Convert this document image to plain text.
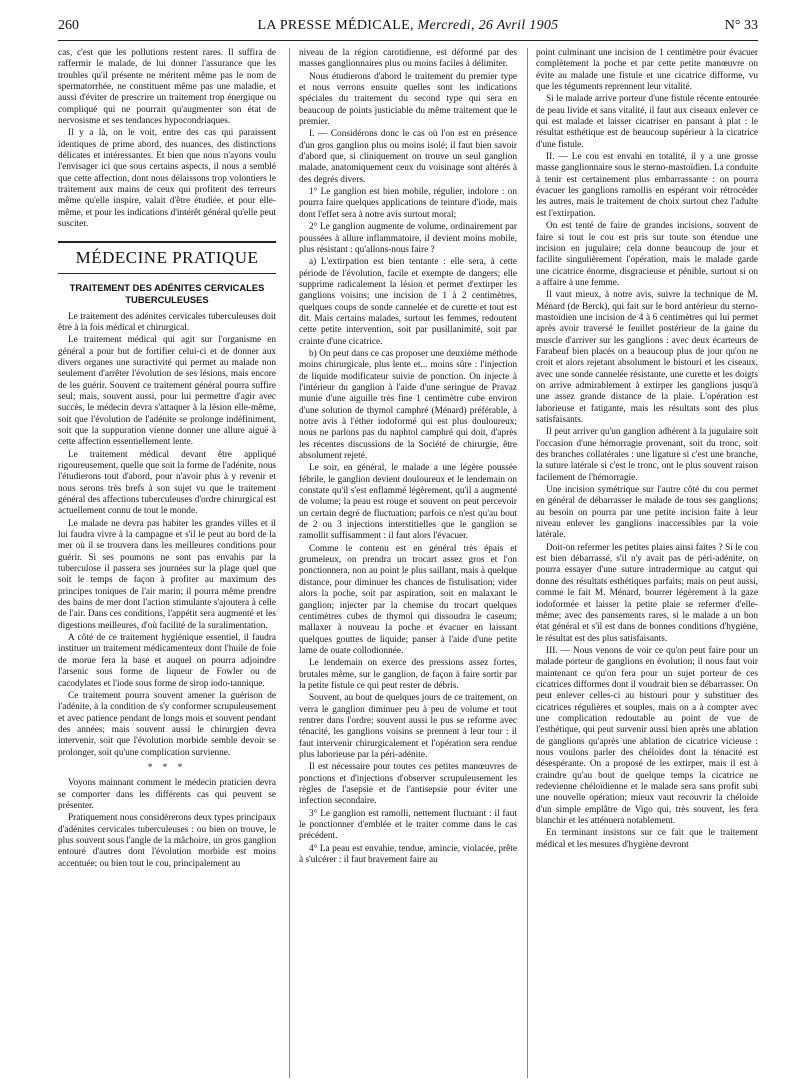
260	LA PRESSE MÉDICALE, Mercredi, 26 Avril 1905	N° 33

cas, c'est que les pollutions restent rares. Il suffira de raffermir le malade, de lui donner l'assurance que les troubles qu'il présente ne méritent même pas le nom de spermatorrhée, ne constituent même pas une maladie, et aussi d'éviter de prescrire un traitement trop énergique ou compliqué qui ne pourrait qu'augmenter son état de nervosisme et ses tendances hypocondriaques.

Il y a là, on le voit, entre des cas qui paraissent identiques de prime abord, des nuances, des distinctions délicates et intéressantes. Et bien que nous n'ayons voulu l'envisager ici que sous certains aspects, il nous a semblé que cette affection, dont nous délaissons trop volontiers le traitement aux mains de ceux qui profitent des terreurs même qu'elle inspire, valait d'être étudiée, et pour elle-même, et pour les indications d'intérêt général qu'elle peut susciter.

MÉDECINE PRATIQUE
TRAITEMENT DES ADÉNITES CERVICALES TUBERCULEUSES

Le traitement des adénites cervicales tuberculeuses doit être à la fois médical et chirurgical.

Le traitement médical qui agit sur l'organisme en général a pour but de fortifier celui-ci et de donner aux divers organes une suractivité qui permet au malade non seulement d'arrêter l'évolution de ses lésions, mais encore de les guérir. Souvent ce traitement général pourra suffire seul; mais, souvent aussi, pour lui permettre d'agir avec succès, le médecin devra s'attaquer à la lésion elle-même, soit que l'évolution de l'adénite se prolonge indéfiniment, soit que la suppuration vienne donner une allure aiguë à cette affection essentiellement lente.

Le traitement médical devant être appliqué rigoureusement, quelle que soit la forme de l'adénite, nous l'étudierons tout d'abord, pour n'avoir plus à y revenir et nous serons très brefs à son sujet vu que le traitement général des affections tuberculeuses d'ordre chirurgical est actuellement connu de tout le monde.

Le malade ne devra pas habiter les grandes villes et il lui faudra vivre à la campagne et s'il le peut au bord de la mer où il se trouvera dans les meilleures conditions pour guérir. Si ses poumons ne sont pas envahis par la tuberculose il passera ses journées sur la plage quel que soit le temps de façon à profiter au maximum des principes toniques de l'air marin; il pourra même prendre des bains de mer dont l'action stimulante s'ajoutera à celle de l'air. Dans ces conditions, l'appétit sera augmenté et les digestions meilleures, d'où facilité de la suralimentation.

A côté de ce traitement hygiénique essentiel, il faudra instituer un traitement médicamenteux dont l'huile de foie de morue fera la base et auquel on pourra adjoindre l'arsenic sous forme de liqueur de Fowler ou de cacodylates et l'iode sous forme de sirop iodo-tannique.

Ce traitement pourra souvent amener la guérison de l'adénite, à la condition de s'y conformer scrupuleusement et avec patience pendant de longs mois et souvent pendant des années; mais souvent aussi le chirurgien devra intervenir, soit que l'évolution morbide semble devoir se prolonger, soit qu'une complication survienne.

* * *

Voyons mainnant comment le médecin praticien devra se comporter dans les différents cas qui peuvent se présenter.

Pratiquement nous considérerons deux types principaux d'adénites cervicales tuberculeuses : ou bien on trouve, le plus souvent sous l'angle de la mâchoire, un gros ganglion entouré d'autres dont l'évolution morbide est moins accentuée; ou bien tout le cou, principalement au

niveau de la région carotidienne, est déformé par des masses ganglionnaires plus ou moins faciles à délimiter.

Nous étudierons d'abord le traitement du premier type et nous verrons ensuite quelles sont les indications spéciales du traitement du second type qui sera en beaucoup de points justiciable du même traitement que le premier.

I. — Considérons donc le cas où l'on est en présence d'un gros ganglion plus ou moins isolé; il faut bien savoir d'abord que, si cliniquement on trouve un seul ganglion malade, anatomiquement ceux du voisinage sont altérés à des degrés divers.

1° Le ganglion est bien mobile, régulier, indolore : on pourra faire quelques applications de teinture d'iode, mais dont l'effet sera à notre avis surtout moral;

2° Le ganglion augmente de volume, ordinairement par poussées à allure inflammatoire, il devient moins mobile, plus résistant : qu'allons-nous faire ?

a) L'extirpation est bien tentante : elle sera, à cette période de l'évolution, facile et exempte de dangers; elle supprime radicalement la lésion et permet d'extirper les ganglions voisins; une incision de 1 à 2 centimètres, quelques coups de sonde cannelée et de curette et tout est dit. Mais certains malades, surtout les femmes, redoutent cette petite intervention, soit par pusillanimité, soit par crainte d'une cicatrice.

b) On peut dans ce cas proposer une deuxième méthode moins chirurgicale, plus lente et... moins sûre : l'injection de liquide modificateur suivie de ponction. On injecte à l'intérieur du ganglion à l'aide d'une seringue de Pravaz munie d'une aiguille très fine 1 centimètre cube environ d'une solution de thymol camphré (Ménard) préférable, à notre avis à l'éther iodoformé qui est plus douloureux; nous ne parlons pas du naphtol camphré qui doit, d'après les récentes discussions de la Société de chirurgie, être absolument rejeté.

Le soir, en général, le malade a une légère poussée fébrile, le ganglion devient douloureux et le lendemain on constate qu'il s'est enflammé légèrement, qu'il a augmenté de volume; la peau est rouge et souvent on peut percevoir un certain degré de fluctuation; parfois ce n'est qu'au bout de 2 ou 3 injections interstitielles que le ganglion se ramollit suffisamment : il faut alors l'évacuer.

Comme le contenu est en général très épais et grumeleux, on prendra un trocart assez gros et l'on ponctionnera, non au point le plus saillant, mais à quelque distance, pour diminuer les chances de fistulisation; vider alors la poche, soit par aspiration, soit en malaxant le ganglion; injecter par la chemise du trocart quelques centimètres cubes de thymol qui dissoudra le caseum; mallaxer à nouveau la poche et évacuer en laissant quelques gouttes de liquide; panser à l'aide d'une petite lame de ouate collodionnée.

Le lendemain on exerce des pressions assez fortes, brutales même, sur le ganglion, de façon à faire sortir par la petite fistule ce qui peut rester de débris.

Souvent, au bout de quelques jours de ce traitement, on verra le ganglion diminuer peu à peu de volume et tout rentrer dans l'ordre; souvent aussi le pus se reforme avec ténacité, les ganglions voisins se prennent à leur tour : il faut intervenir chirurgicalement et l'opération sera rendue plus laborieuse par la péri-adénite.

Il est nécessaire pour toutes ces petites manœuvres de ponctions et d'injections d'observer scrupuleusement les règles de l'asepsie et de l'antisepsie pour éviter une infection secondaire.

3° Le ganglion est ramolli, nettement fluctuant : il faut le ponctionner d'emblée et le traiter comme dans le cas précédent.

4° La peau est envahie, tendue, amincie, violacée, prête à s'ulcérer : il faut bravement faire au

point culminant une incision de 1 centimètre pour évacuer complètement la poche et par cette petite manœuvre on évite au malade une fistule et une cicatrice difforme, vu que les téguments reprennent leur vitalité.

Si le malade arrive porteur d'une fistule récente entourée de peau livide et sans vitalité, il faut aux ciseaux enlever ce qui est malade et laisser cicatriser en pansant à plat : le résultat esthétique est de beaucoup supérieur à la cicatrice d'une fistule.

II. — Le cou est envahi en totalité, il y a une grosse masse ganglionnaire sous le sterno-mastoïdien. La conduite à tenir est certainement plus embarrassante : on pourra évacuer les ganglions ramollis en espérant voir rétrocéder les autres, mais le traitement de choix surtout chez l'adulte est l'extirpation.

On est tenté de faire de grandes incisions, souvent de faire si tout le cou est pris sur toute son étendue une incision en jugulaire; cela donne beaucoup de jour et facilite singulièrement l'opération, mais le malade garde une cicatrice énorme, disgracieuse et pénible, surtout si on a affaire à une femme.

Il vaut mieux, à notre avis, suivre la technique de M. Ménard (de Berck), qui fait sur le bord antérieur du sterno-mastoïdien une incision de 4 à 6 centimètres qui lui permet après avoir traversé le feuillet postérieur de la gaine du muscle d'arriver sur les ganglions : avec deux écarteurs de Farabeuf bien placés on a beaucoup plus de jour qu'on ne croit et alors rejetant absolument le bistouri et les ciseaux, avec une sonde cannelée résistante, une curette et les doigts on arrive admirablement à extirper les ganglions jusqu'à une assez grande distance de la plaie. L'opération est laborieuse et fatigante, mais les résultats sont des plus satisfaisants.

Il peut arriver qu'un ganglion adhérent à la jugulaire soit l'occasion d'une hémorragie provenant, soit du tronc, soit des branches collatérales : une ligature si c'est une branche, la suture latérale si c'est le tronc, ont le plus souvent raison facilement de l'hémorragie.

Une incision symétrique sur l'autre côté du cou permet en général de débarrasser le malade de tous ses ganglions; au besoin on pourra par une petite incision faite à leur niveau enlever les ganglions inaccessibles par la voie latérale.

Doit-on refermer les petites plaies ainsi faites ? Si le cou est bien débarrassé, s'il n'y avait pas de péri-adénite, on pourra essayer d'une suture intradermique au catgut qui donne des résultats esthétiques parfaits; mais on peut aussi, comme le fait M. Ménard, bourrer légèrement à la gaze iodoformée et laisser la petite plaie se refermer d'elle-même; avec des pansements rares, si le malade a un bon état général et s'il est dans de bonnes conditions d'hygiène, le résultat est des plus satisfaisants.

III. — Nous venons de voir ce qu'on peut faire pour un malade porteur de ganglions en évolution; il nous faut voir maintenant ce qu'on fera pour un sujet porteur de ces cicatrices difformes dont il voudrait bien se débarrasser. On peut enlever celles-ci au bistouri pour y substituer des cicatrices régulières et souples, mais on a à compter avec une complication redoutable au point de vue de l'esthétique, qui peut survenir aussi bien après une ablation de ganglions qu'après une ablation de cicatrice vicieuse : nous voulons parler des chéloïdes dont la ténacité est désespérante. On a proposé de les extirper, mais il est à craindre qu'au bout de quelque temps la cicatrice ne redevienne chéloïdienne et le malade sera sans profit subi une nouvelle opération; mieux vaut recouvrir la chéloïde d'un simple emplâtre de Vigo qui, très souvent, les fera blanchir et les atténuera notablement.

En terminant insistons sur ce fait que le traitement médical et les mesures d'hygiène devront
